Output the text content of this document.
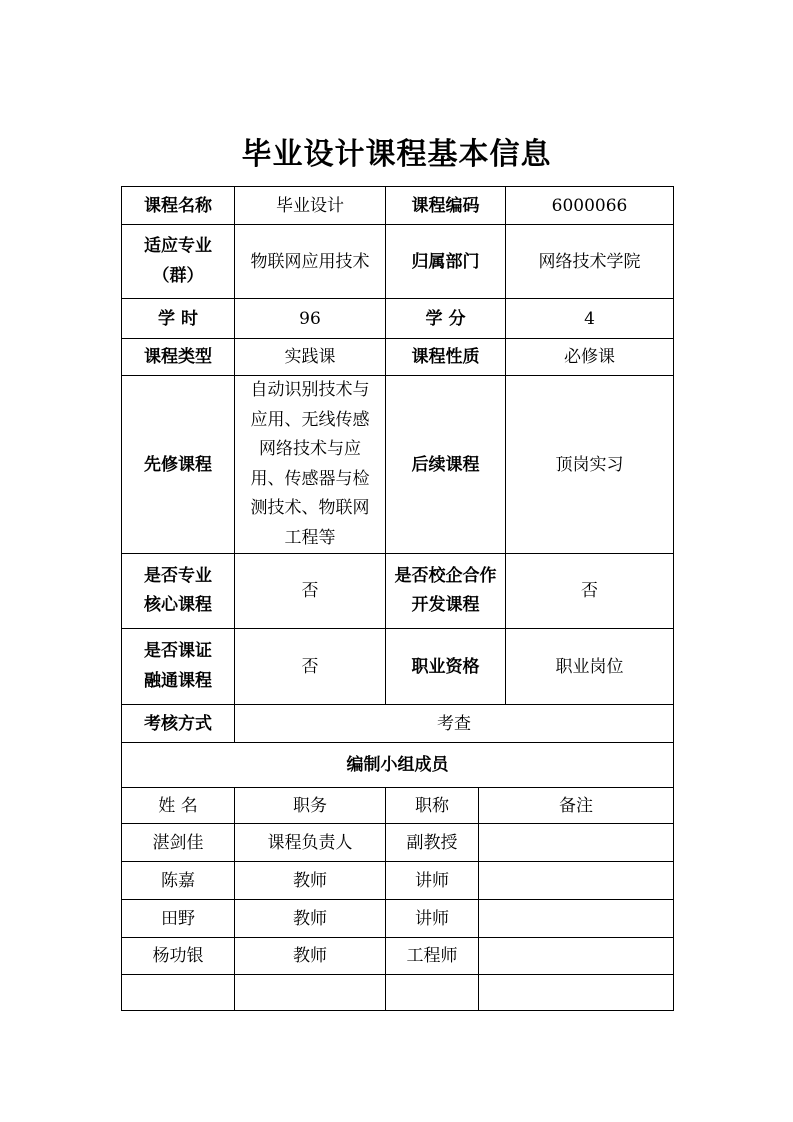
毕业设计课程基本信息
课程名称	毕业设计	课程编码		6000066
适应专业（群）	物联网应用技术	归属部门		网络技术学院
学 时	96	学 分		4
课程类型	实践课	课程性质		必修课
先修课程	自动识别技术与应用、无线传感网络技术与应用、传感器与检测技术、物联网工程等	后续课程		顶岗实习
是否专业核心课程	否	是否校企合作开发课程		否
是否课证融通课程	否	职业资格		职业岗位
考核方式	考查			
编制小组成员				
姓 名	职务	职称	备注	
湛剑佳	课程负责人	副教授		
陈嘉	教师	讲师		
田野	教师	讲师		
杨功银	教师	工程师		
